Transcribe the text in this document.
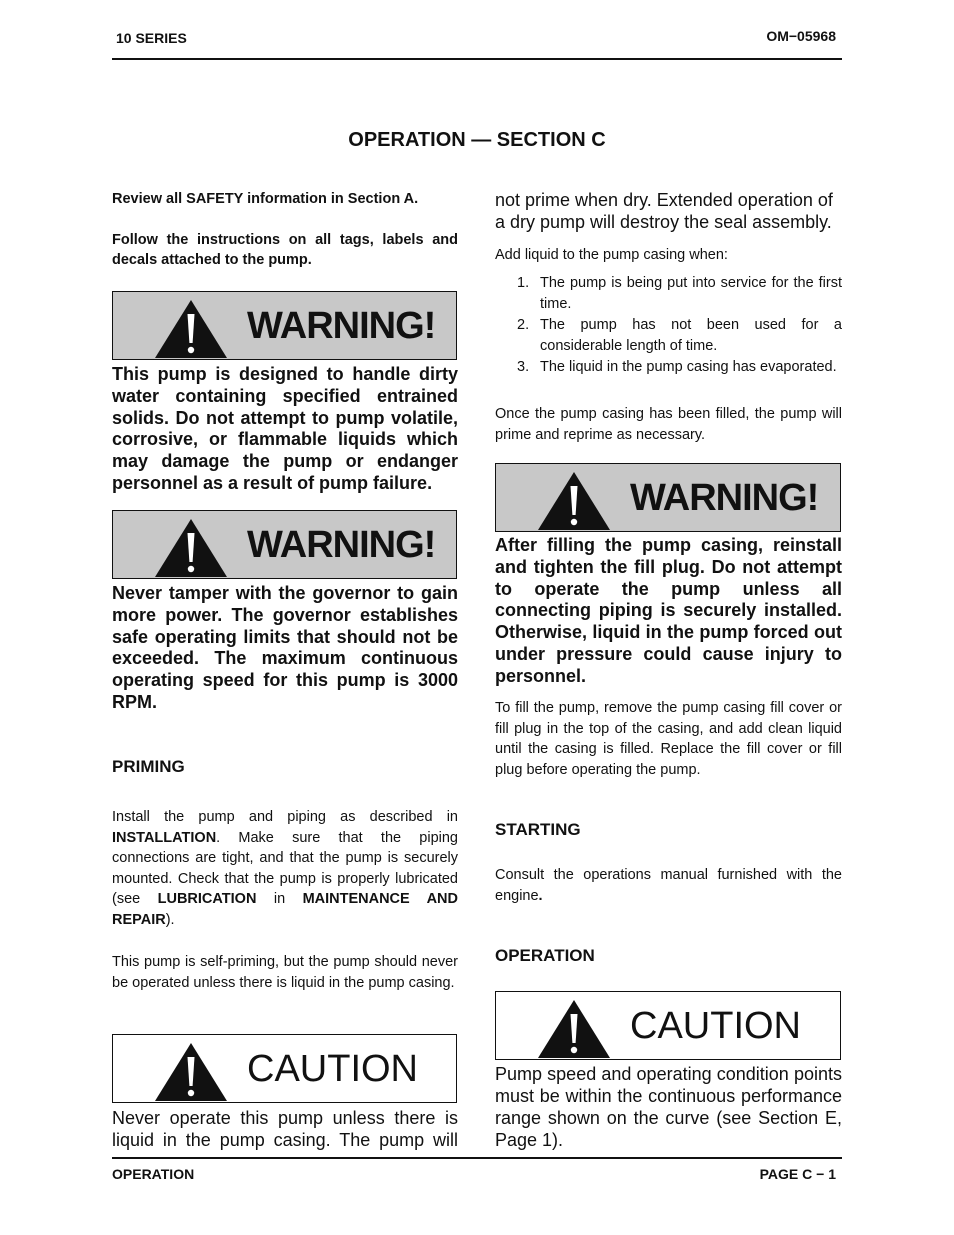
10 SERIES	OM−05968
OPERATION — SECTION C
Review all SAFETY information in Section A.
Follow the instructions on all tags, labels and decals attached to the pump.
WARNING!
This pump is designed to handle dirty water containing specified entrained solids. Do not attempt to pump volatile, corrosive, or flammable liquids which may damage the pump or endanger personnel as a result of pump failure.
WARNING!
Never tamper with the governor to gain more power. The governor establishes safe operating limits that should not be exceeded. The maximum continuous operating speed for this pump is 3000 RPM.
PRIMING
Install the pump and piping as described in INSTALLATION. Make sure that the piping connections are tight, and that the pump is securely mounted. Check that the pump is properly lubricated (see LUBRICATION in MAINTENANCE AND REPAIR).
This pump is self-priming, but the pump should never be operated unless there is liquid in the pump casing.
CAUTION
Never operate this pump unless there is liquid in the pump casing. The pump will
not prime when dry. Extended operation of a dry pump will destroy the seal assembly.
Add liquid to the pump casing when:
1. The pump is being put into service for the first time.
2. The pump has not been used for a considerable length of time.
3. The liquid in the pump casing has evaporated.
Once the pump casing has been filled, the pump will prime and reprime as necessary.
WARNING!
After filling the pump casing, reinstall and tighten the fill plug. Do not attempt to operate the pump unless all connecting piping is securely installed. Otherwise, liquid in the pump forced out under pressure could cause injury to personnel.
To fill the pump, remove the pump casing fill cover or fill plug in the top of the casing, and add clean liquid until the casing is filled. Replace the fill cover or fill plug before operating the pump.
STARTING
Consult the operations manual furnished with the engine.
OPERATION
CAUTION
Pump speed and operating condition points must be within the continuous performance range shown on the curve (see Section E, Page 1).
OPERATION	PAGE C − 1
